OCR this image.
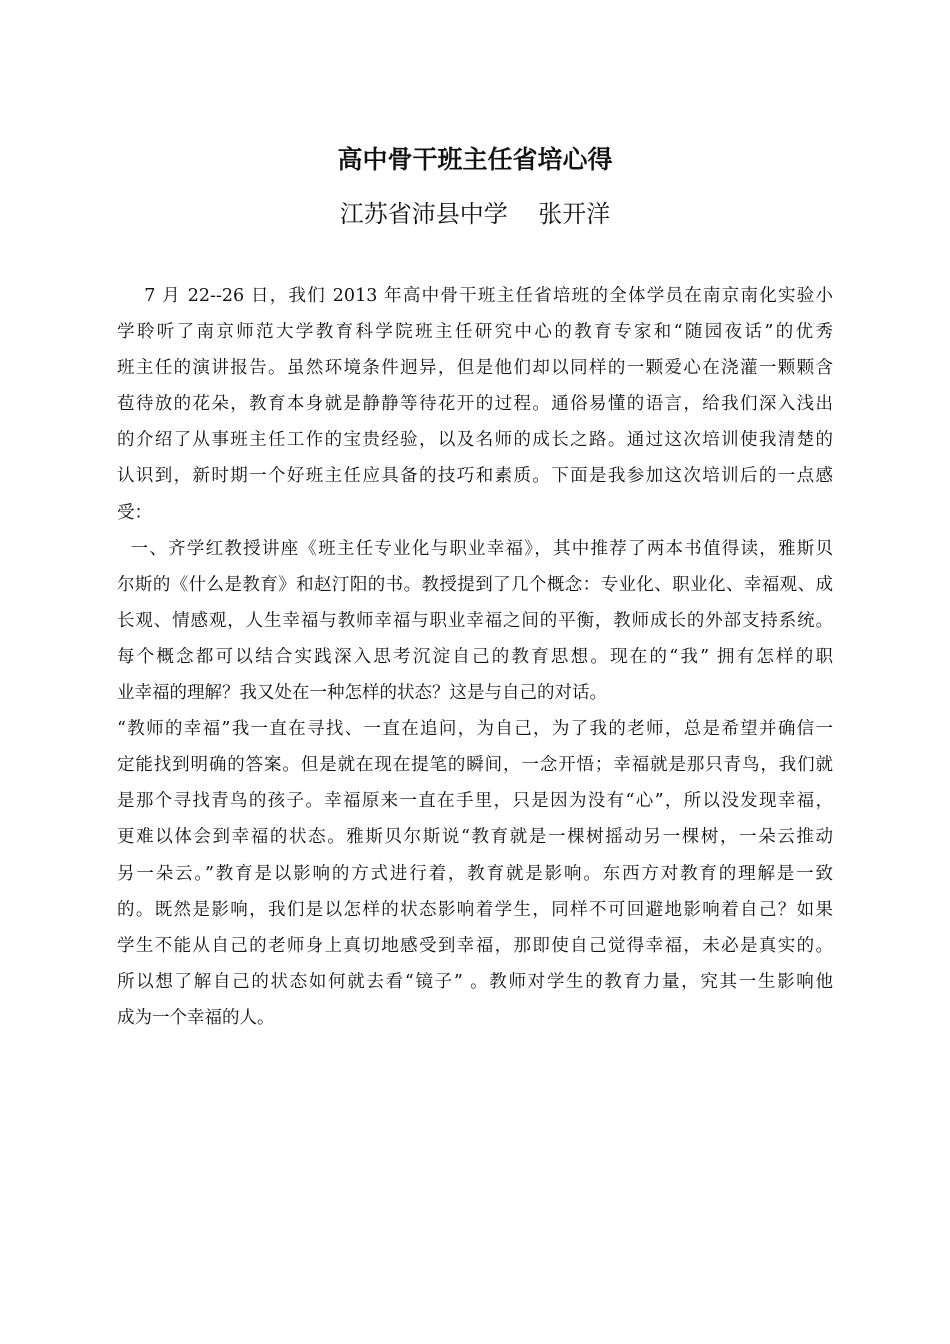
高中骨干班主任省培心得
江苏省沛县中学    张开洋
7 月 22--26 日，我们 2013 年高中骨干班主任省培班的全体学员在南京南化实验小
学聆听了南京师范大学教育科学院班主任研究中心的教育专家和“随园夜话”的优秀
班主任的演讲报告。虽然环境条件迥异，但是他们却以同样的一颗爱心在浇灌一颗颗含
苞待放的花朵，教育本身就是静静等待花开的过程。通俗易懂的语言，给我们深入浅出
的介绍了从事班主任工作的宝贵经验，以及名师的成长之路。通过这次培训使我清楚的
认识到，新时期一个好班主任应具备的技巧和素质。下面是我参加这次培训后的一点感
受：
一、齐学红教授讲座《班主任专业化与职业幸福》，其中推荐了两本书值得读，雅斯贝
尔斯的《什么是教育》和赵汀阳的书。教授提到了几个概念：专业化、职业化、幸福观、成
长观、情感观，人生幸福与教师幸福与职业幸福之间的平衡，教师成长的外部支持系统。
每个概念都可以结合实践深入思考沉淀自己的教育思想。现在的“我” 拥有怎样的职
业幸福的理解？我又处在一种怎样的状态？这是与自己的对话。
“教师的幸福”我一直在寻找、一直在追问，为自己，为了我的老师，总是希望并确信一
定能找到明确的答案。但是就在现在提笔的瞬间，一念开悟；幸福就是那只青鸟，我们就
是那个寻找青鸟的孩子。幸福原来一直在手里，只是因为没有“心”，所以没发现幸福，
更难以体会到幸福的状态。雅斯贝尔斯说“教育就是一棵树摇动另一棵树，一朵云推动
另一朵云。”教育是以影响的方式进行着，教育就是影响。东西方对教育的理解是一致
的。既然是影响，我们是以怎样的状态影响着学生，同样不可回避地影响着自己？如果
学生不能从自己的老师身上真切地感受到幸福，那即使自己觉得幸福，未必是真实的。
所以想了解自己的状态如何就去看“镜子” 。教师对学生的教育力量，究其一生影响他
成为一个幸福的人。
